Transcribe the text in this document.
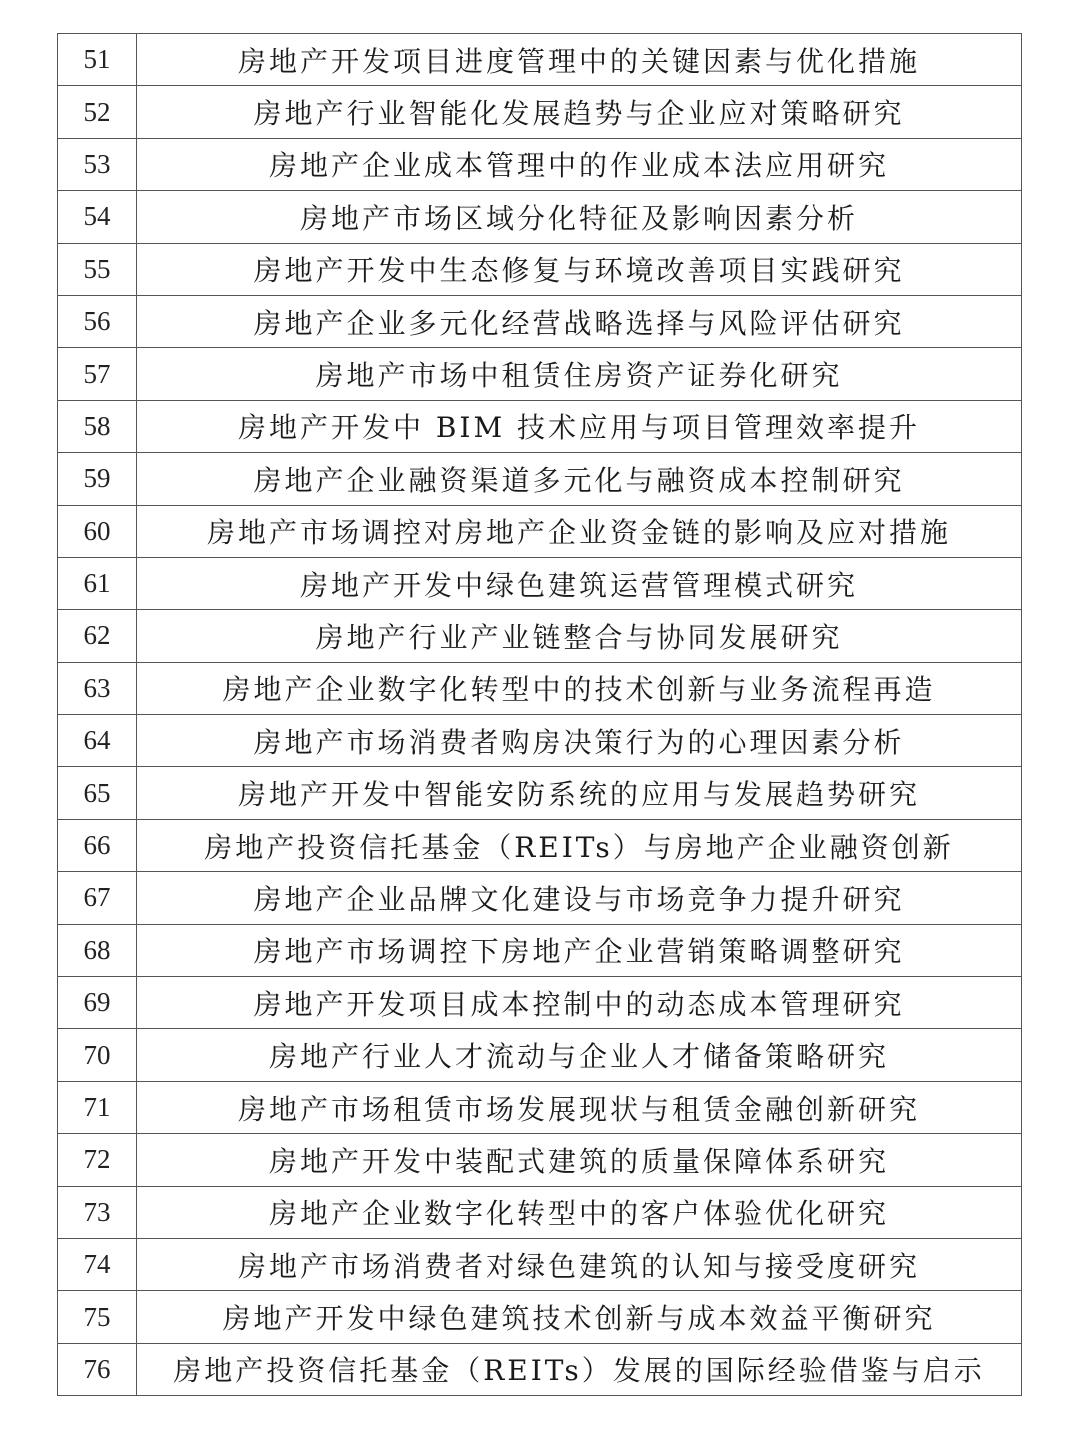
51	房地产开发项目进度管理中的关键因素与优化措施
52	房地产行业智能化发展趋势与企业应对策略研究
53	房地产企业成本管理中的作业成本法应用研究
54	房地产市场区域分化特征及影响因素分析
55	房地产开发中生态修复与环境改善项目实践研究
56	房地产企业多元化经营战略选择与风险评估研究
57	房地产市场中租赁住房资产证券化研究
58	房地产开发中 BIM 技术应用与项目管理效率提升
59	房地产企业融资渠道多元化与融资成本控制研究
60	房地产市场调控对房地产企业资金链的影响及应对措施
61	房地产开发中绿色建筑运营管理模式研究
62	房地产行业产业链整合与协同发展研究
63	房地产企业数字化转型中的技术创新与业务流程再造
64	房地产市场消费者购房决策行为的心理因素分析
65	房地产开发中智能安防系统的应用与发展趋势研究
66	房地产投资信托基金（REITs）与房地产企业融资创新
67	房地产企业品牌文化建设与市场竞争力提升研究
68	房地产市场调控下房地产企业营销策略调整研究
69	房地产开发项目成本控制中的动态成本管理研究
70	房地产行业人才流动与企业人才储备策略研究
71	房地产市场租赁市场发展现状与租赁金融创新研究
72	房地产开发中装配式建筑的质量保障体系研究
73	房地产企业数字化转型中的客户体验优化研究
74	房地产市场消费者对绿色建筑的认知与接受度研究
75	房地产开发中绿色建筑技术创新与成本效益平衡研究
76	房地产投资信托基金（REITs）发展的国际经验借鉴与启示
